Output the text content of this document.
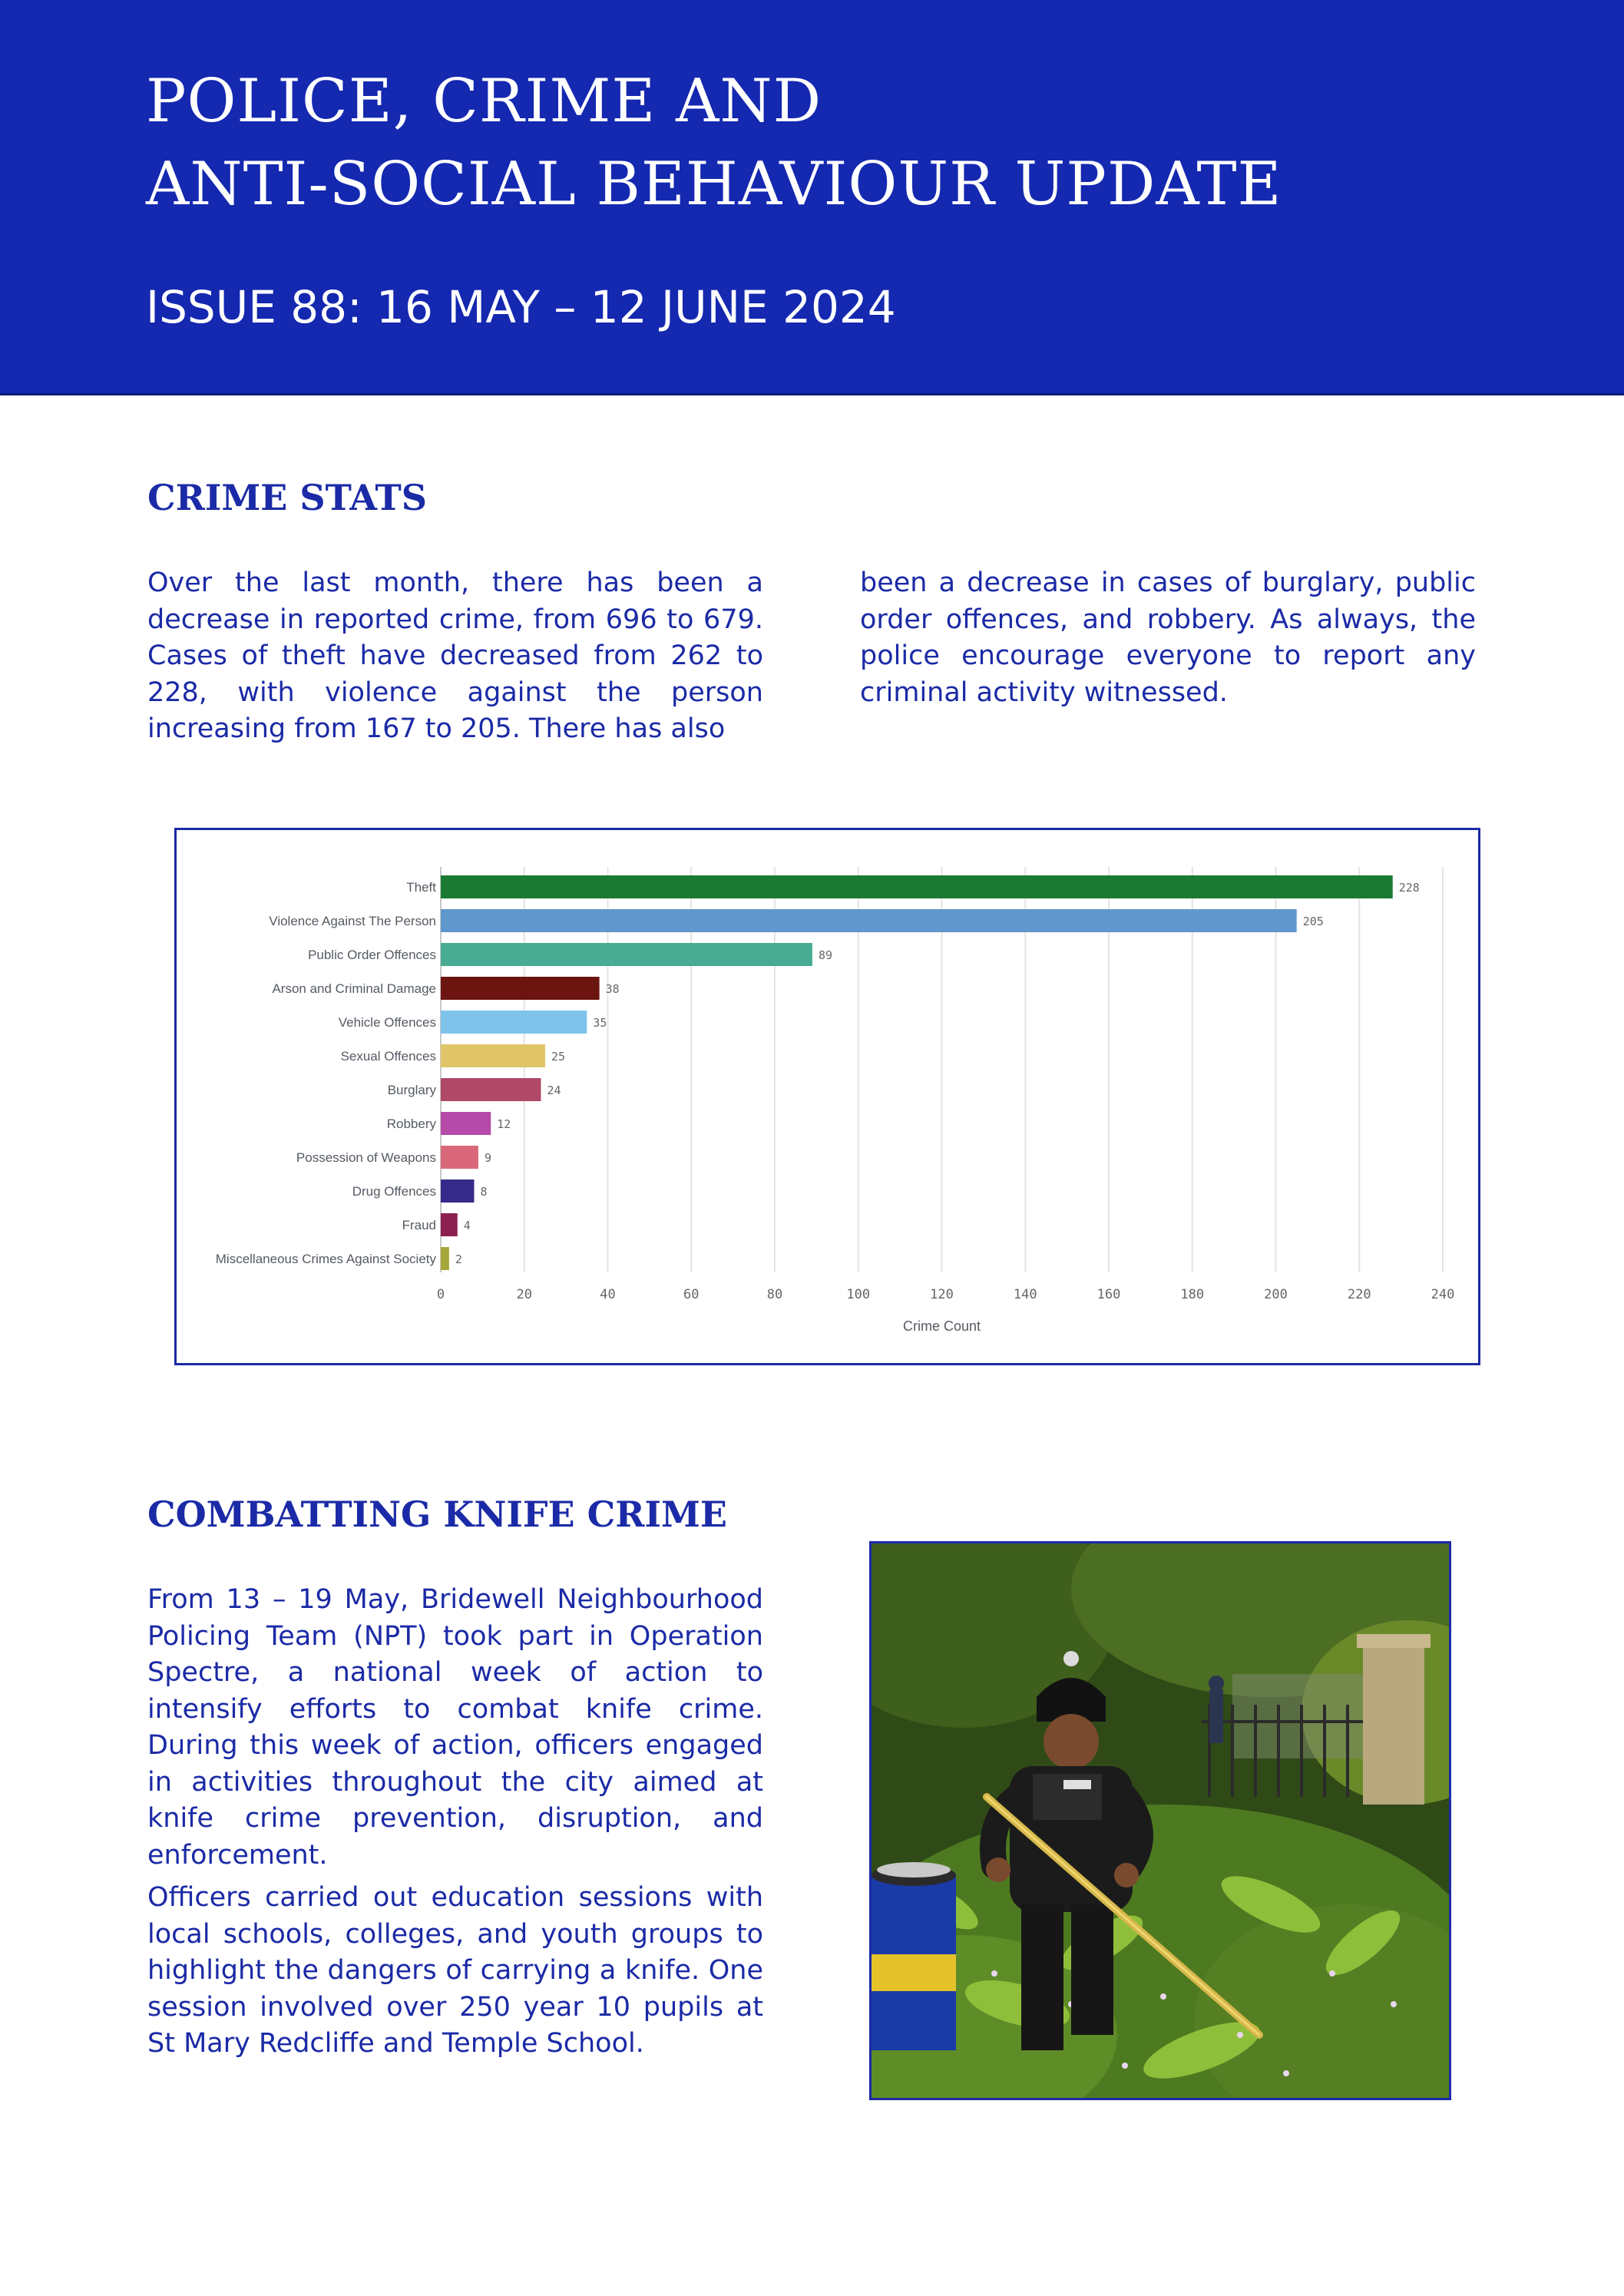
POLICE, CRIME AND
ANTI-SOCIAL BEHAVIOUR UPDATE
ISSUE 88: 16 MAY – 12 JUNE 2024
CRIME STATS

Over the last month, there has been a decrease in reported crime, from 696 to 679. Cases of theft have decreased from 262 to 228, with violence against the person increasing from 167 to 205. There has also

been a decrease in cases of burglary, public order offences, and robbery. As always, the police encourage everyone to report any criminal activity witnessed.

0	20	40	60	80	100	120	140	160	180	200	220	240
Theft	228
Violence Against The Person	205
Public Order Offences	89
Arson and Criminal Damage	38
Vehicle Offences	35
Sexual Offences	25
Burglary	24
Robbery	12
Possession of Weapons	9
Drug Offences	8
Fraud 4
Miscellaneous Crimes Against Society 2
Crime Count
COMBATTING KNIFE CRIME

From 13 – 19 May, Bridewell Neighbourhood Policing Team (NPT) took part in Operation Spectre, a national week of action to intensify efforts to combat knife crime. During this week of action, officers engaged in activities throughout the city aimed at knife crime prevention, disruption, and enforcement.

Officers carried out education sessions with local schools, colleges, and youth groups to highlight the dangers of carrying a knife. One session involved over 250 year 10 pupils at St Mary Redcliffe and Temple School.
